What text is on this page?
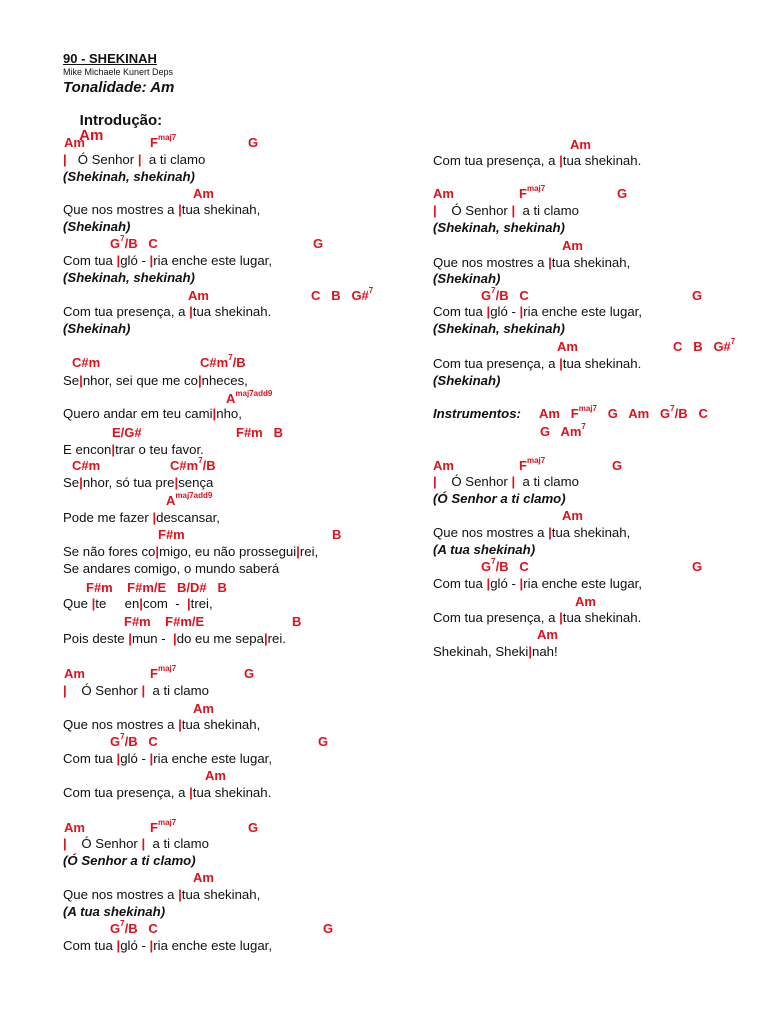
90 - SHEKINAH
Mike Michaele Kunert Deps
Tonalidade: Am

Introdução:
Am

Instrumentos:
Am	$F^{maj7}$	G
|   Ó Senhor |  a ti clamo
(Shekinah, shekinah)
Am
Que nos mostres a |tua shekinah,
(Shekinah)
$G^7/B$   C	G
Com tua |gló - |ria enche este lugar,
(Shekinah, shekinah)
Am	C   B   G#$^7$
Com tua presença, a |tua shekinah.
(Shekinah)
C#m	$C\#m^7/B$
Se|nhor, sei que me co|nheces,
$A^{maj7add9}$
Quero andar em teu cami|nho,
E/G#	F#m   B
E encon|trar o teu favor.
C#m	$C\#m^7/B$
Se|nhor, só tua pre|sença
$A^{maj7add9}$
Pode me fazer |descansar,
F#m	B
Se não fores co|migo, eu não prossegui|rei,
Se andares comigo, o mundo saberá
F#m    F#m/E   B/D#   B
Que |te     en|com  -  |trei,
F#m    F#m/E	B
Pois deste |mun -  |do eu me sepa|rei.
Am	$F^{maj7}$	G
|    Ó Senhor |  a ti clamo
Am
Que nos mostres a |tua shekinah,
$G^7/B$   C	G
Com tua |gló - |ria enche este lugar,
Am
Com tua presença, a |tua shekinah.
Am	$F^{maj7}$	G
|    Ó Senhor |  a ti clamo
(Ó Senhor a ti clamo)
Am
Que nos mostres a |tua shekinah,
(A tua shekinah)
$G^7/B$   C	G
Com tua |gló - |ria enche este lugar,
Am
Com tua presença, a |tua shekinah.
Am	$F^{maj7}$	G
|    Ó Senhor |  a ti clamo
(Shekinah, shekinah)
Am
Que nos mostres a |tua shekinah,
(Shekinah)
$G^7/B$   C	G
Com tua |gló - |ria enche este lugar,
(Shekinah, shekinah)
Am	C   B   G#$^7$
Com tua presença, a |tua shekinah.
(Shekinah)
Am   $F^{maj7}$   G   Am   $G^7/B$   C
G   Am$^7$
Am	$F^{maj7}$	G
|    Ó Senhor |  a ti clamo
(Ó Senhor a ti clamo)
Am
Que nos mostres a |tua shekinah,
(A tua shekinah)
$G^7/B$   C	G
Com tua |gló - |ria enche este lugar,
Am
Com tua presença, a |tua shekinah.
Am
Shekinah, Sheki|nah!
